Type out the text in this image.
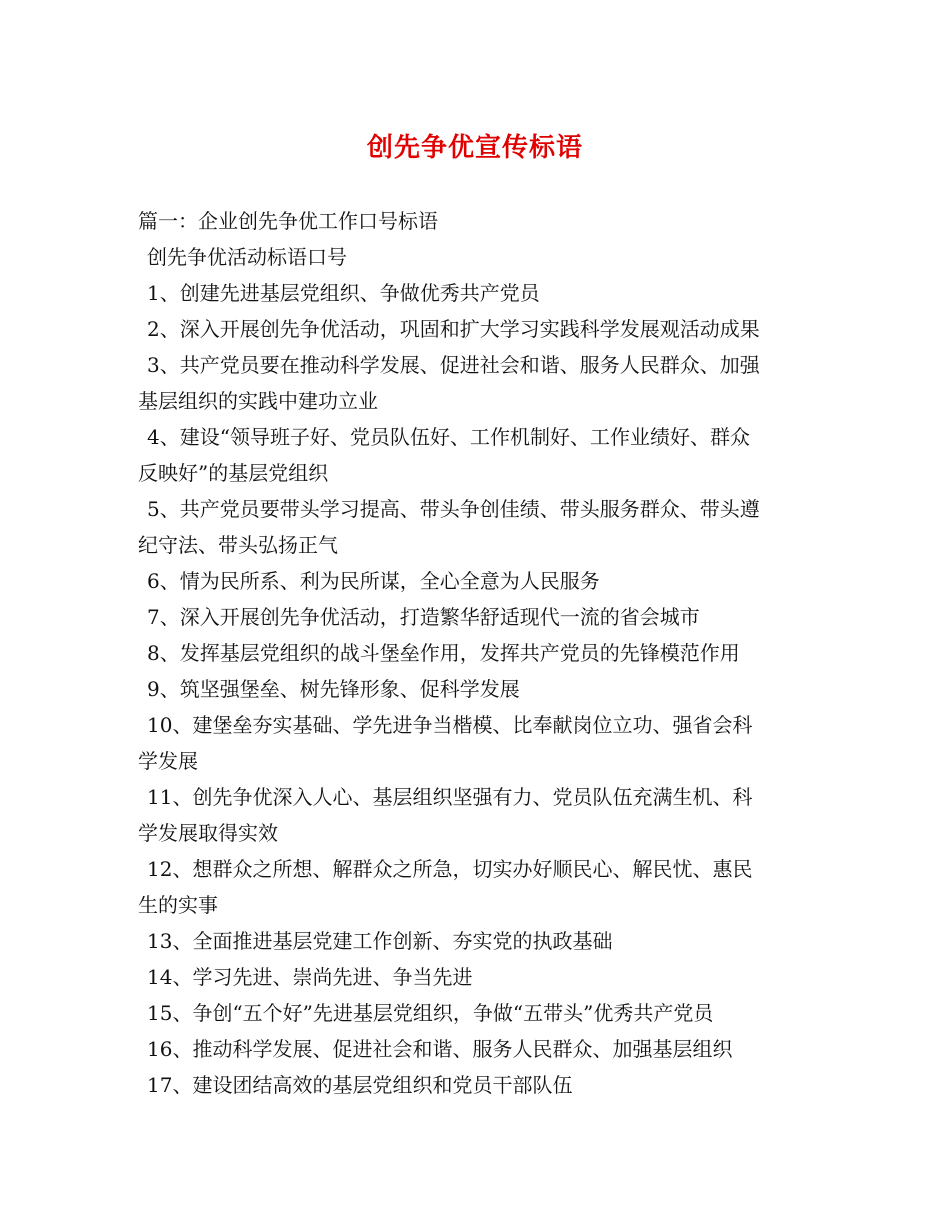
创先争优宣传标语
篇一：企业创先争优工作口号标语
创先争优活动标语口号
1、创建先进基层党组织、争做优秀共产党员
2、深入开展创先争优活动，巩固和扩大学习实践科学发展观活动成果
3、共产党员要在推动科学发展、促进社会和谐、服务人民群众、加强
基层组织的实践中建功立业
4、建设“领导班子好、党员队伍好、工作机制好、工作业绩好、群众
反映好”的基层党组织
5、共产党员要带头学习提高、带头争创佳绩、带头服务群众、带头遵
纪守法、带头弘扬正气
6、情为民所系、利为民所谋，全心全意为人民服务
7、深入开展创先争优活动，打造繁华舒适现代一流的省会城市
8、发挥基层党组织的战斗堡垒作用，发挥共产党员的先锋模范作用
9、筑坚强堡垒、树先锋形象、促科学发展
10、建堡垒夯实基础、学先进争当楷模、比奉献岗位立功、强省会科
学发展
11、创先争优深入人心、基层组织坚强有力、党员队伍充满生机、科
学发展取得实效
12、想群众之所想、解群众之所急，切实办好顺民心、解民忧、惠民
生的实事
13、全面推进基层党建工作创新、夯实党的执政基础
14、学习先进、崇尚先进、争当先进
15、争创“五个好”先进基层党组织，争做“五带头”优秀共产党员
16、推动科学发展、促进社会和谐、服务人民群众、加强基层组织
17、建设团结高效的基层党组织和党员干部队伍
